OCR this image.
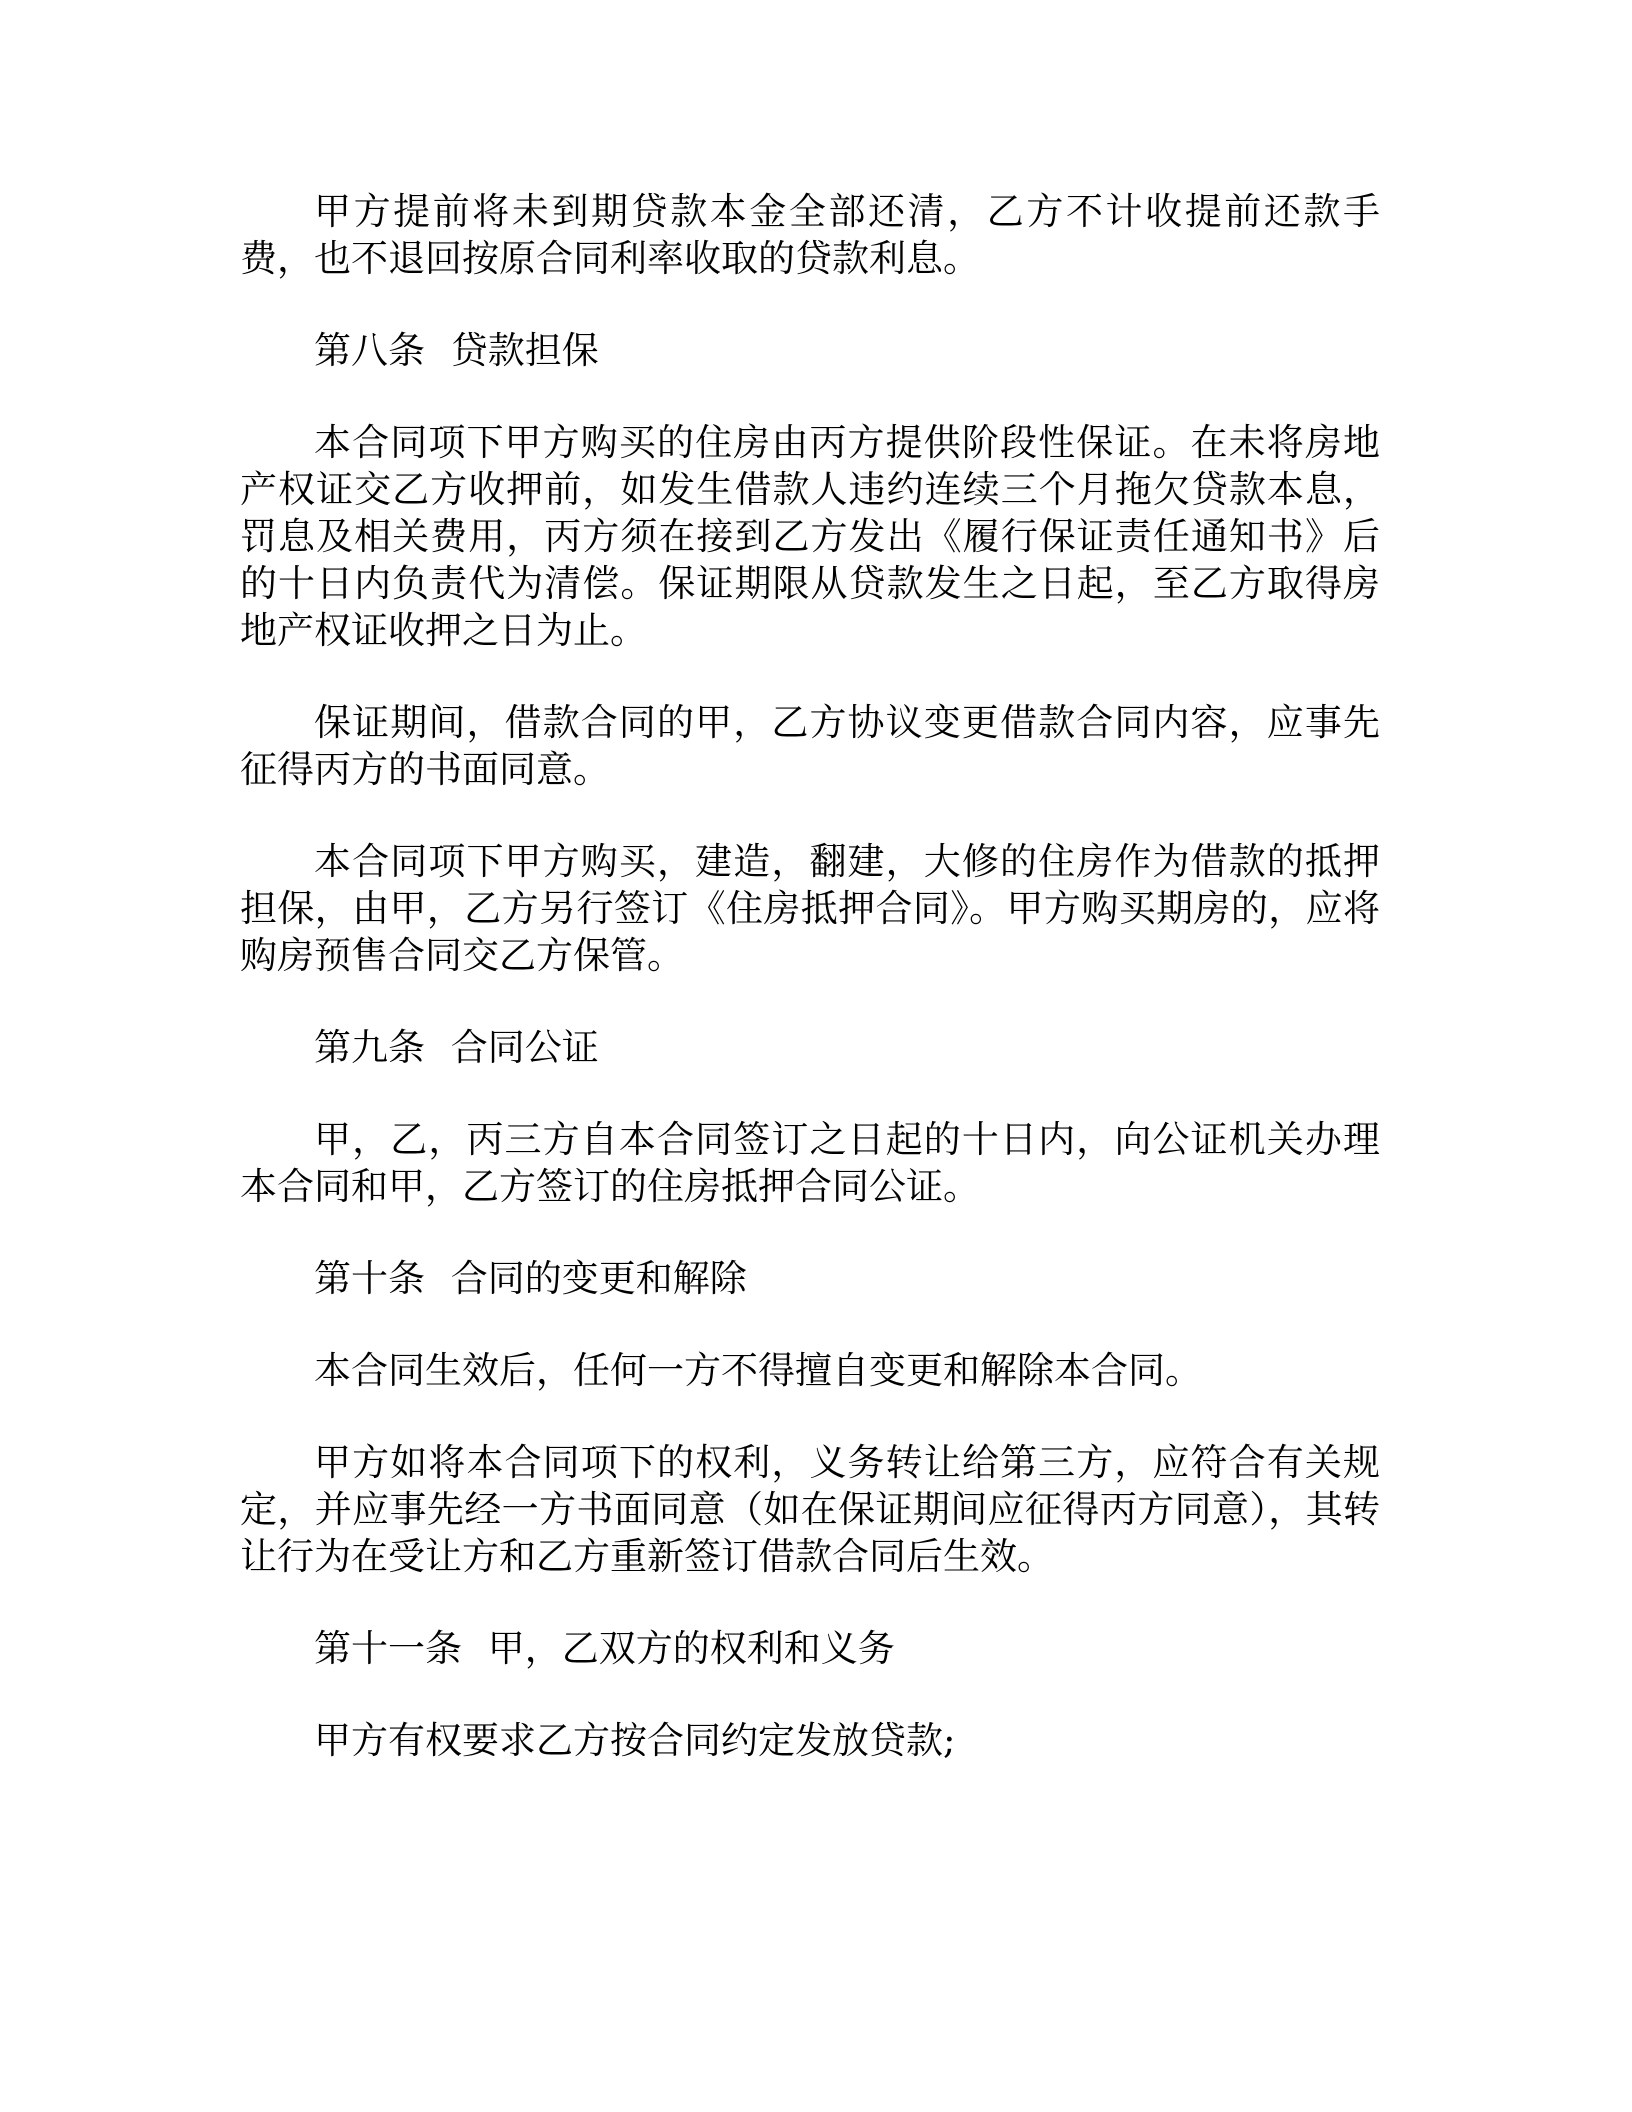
甲方提前将未到期贷款本金全部还清，乙方不计收提前还款手费，也不退回按原合同利率收取的贷款利息。

第八条 贷款担保

本合同项下甲方购买的住房由丙方提供阶段性保证。在未将房地产权证交乙方收押前，如发生借款人违约连续三个月拖欠贷款本息，罚息及相关费用，丙方须在接到乙方发出《履行保证责任通知书》后的十日内负责代为清偿。保证期限从贷款发生之日起，至乙方取得房地产权证收押之日为止。

保证期间，借款合同的甲，乙方协议变更借款合同内容，应事先征得丙方的书面同意。

本合同项下甲方购买，建造，翻建，大修的住房作为借款的抵押担保，由甲，乙方另行签订《住房抵押合同》。甲方购买期房的，应将购房预售合同交乙方保管。

第九条 合同公证

甲，乙，丙三方自本合同签订之日起的十日内，向公证机关办理本合同和甲，乙方签订的住房抵押合同公证。

第十条 合同的变更和解除

本合同生效后，任何一方不得擅自变更和解除本合同。

甲方如将本合同项下的权利，义务转让给第三方，应符合有关规定，并应事先经一方书面同意（如在保证期间应征得丙方同意），其转让行为在受让方和乙方重新签订借款合同后生效。

第十一条 甲，乙双方的权利和义务

甲方有权要求乙方按合同约定发放贷款;
